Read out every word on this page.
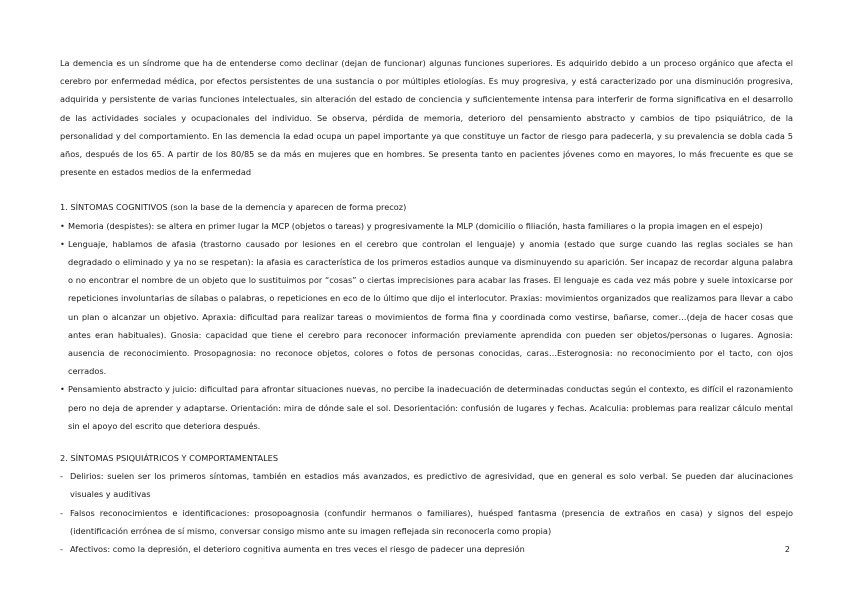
La demencia es un síndrome que ha de entenderse como declinar (dejan de funcionar) algunas funciones superiores. Es adquirido debido a un proceso orgánico que afecta el cerebro por enfermedad médica, por efectos persistentes de una sustancia o por múltiples etiologías. Es muy progresiva, y está caracterizado por una disminución progresiva, adquirida y persistente de varias funciones intelectuales, sin alteración del estado de conciencia y suficientemente intensa para interferir de forma significativa en el desarrollo de las actividades sociales y ocupacionales del individuo. Se observa, pérdida de memoria, deterioro del pensamiento abstracto y cambios de tipo psiquiátrico, de la personalidad y del comportamiento. En las demencia la edad ocupa un papel importante ya que constituye un factor de riesgo para padecerla, y su prevalencia se dobla cada 5 años, después de los 65. A partir de los 80/85 se da más en mujeres que en hombres. Se presenta tanto en pacientes jóvenes como en mayores, lo más frecuente es que se presente en estados medios de la enfermedad

1. SÍNTOMAS COGNITIVOS (son la base de la demencia y aparecen de forma precoz)

• Memoria (despistes): se altera en primer lugar la MCP (objetos o tareas) y progresivamente la MLP (domicilio o filiación, hasta familiares o la propia imagen en el espejo)
• Lenguaje, hablamos de afasia (trastorno causado por lesiones en el cerebro que controlan el lenguaje) y anomia (estado que surge cuando las reglas sociales se han degradado o eliminado y ya no se respetan): la afasia es característica de los primeros estadios aunque va disminuyendo su aparición. Ser incapaz de recordar alguna palabra o no encontrar el nombre de un objeto que lo sustituimos por “cosas” o ciertas imprecisiones para acabar las frases. El lenguaje es cada vez más pobre y suele intoxicarse por repeticiones involuntarias de sílabas o palabras, o repeticiones en eco de lo último que dijo el interlocutor. Praxias: movimientos organizados que realizamos para llevar a cabo un plan o alcanzar un objetivo. Apraxia: dificultad para realizar tareas o movimientos de forma fina y coordinada como vestirse, bañarse, comer…(deja de hacer cosas que antes eran habituales). Gnosia: capacidad que tiene el cerebro para reconocer información previamente aprendida con pueden ser objetos/personas o lugares. Agnosia: ausencia de reconocimiento. Prosopagnosia: no reconoce objetos, colores o fotos de personas conocidas, caras…Esterognosia: no reconocimiento por el tacto, con ojos cerrados.
• Pensamiento abstracto y juicio: dificultad para afrontar situaciones nuevas, no percibe la inadecuación de determinadas conductas según el contexto, es difícil el razonamiento pero no deja de aprender y adaptarse. Orientación: mira de dónde sale el sol. Desorientación: confusión de lugares y fechas. Acalculia: problemas para realizar cálculo mental sin el apoyo del escrito que deteriora después.

2. SÍNTOMAS PSIQUIÁTRICOS Y COMPORTAMENTALES

- Delirios: suelen ser los primeros síntomas, también en estadios más avanzados, es predictivo de agresividad, que en general es solo verbal. Se pueden dar alucinaciones visuales y auditivas
- Falsos reconocimientos e identificaciones: prosopoagnosia (confundir hermanos o familiares), huésped fantasma (presencia de extraños en casa) y signos del espejo (identificación errónea de sí mismo, conversar consigo mismo ante su imagen reflejada sin reconocerla como propia)
- Afectivos: como la depresión, el deterioro cognitiva aumenta en tres veces el riesgo de padecer una depresión	2
